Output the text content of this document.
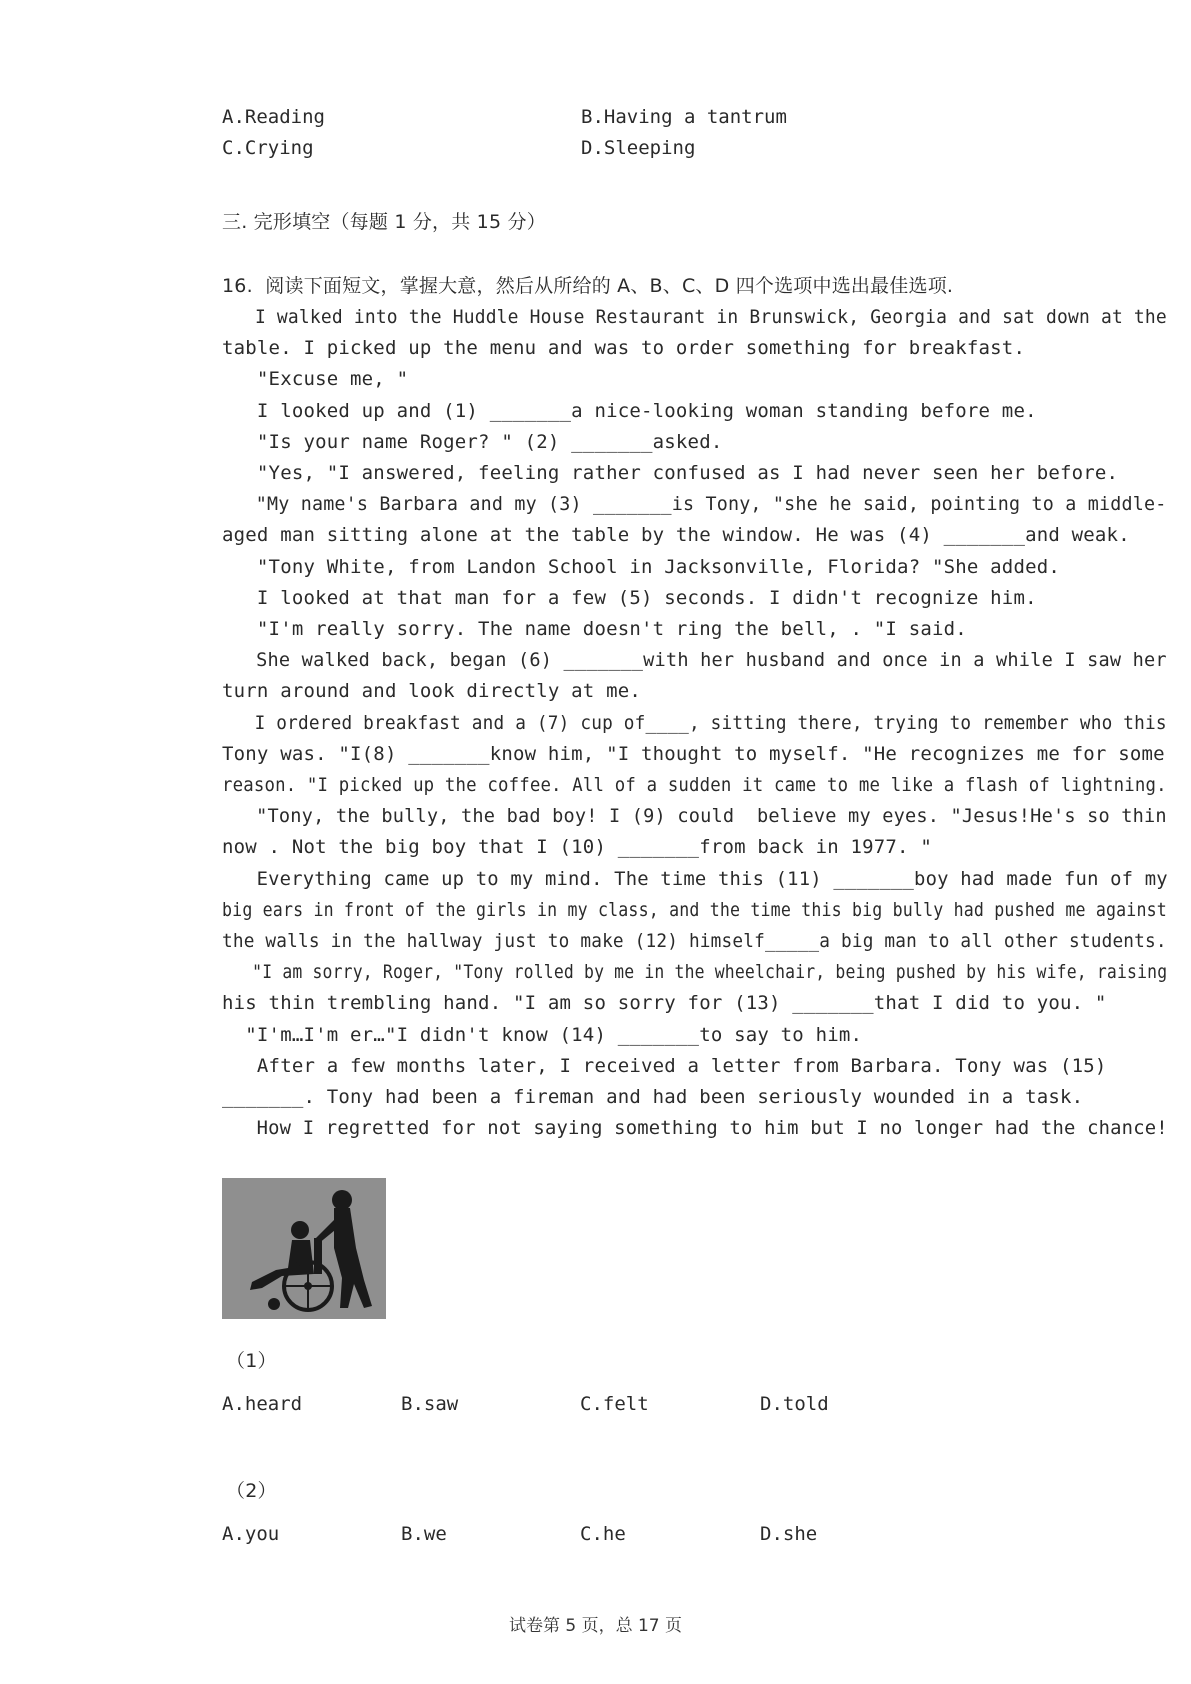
A.Reading	B.Having a tantrum
C.Crying	D.Sleeping
三. 完形填空（每题 1 分，共 15 分）
16.  阅读下面短文，掌握大意，然后从所给的 A、B、C、D 四个选项中选出最佳选项.
I walked into the Huddle House Restaurant in Brunswick, Georgia and sat down at the
table. I picked up the menu and was to order something for breakfast.
"Excuse me, "
I looked up and (1) _______a nice-looking woman standing before me.
"Is your name Roger? " (2) _______asked.
"Yes, "I answered, feeling rather confused as I had never seen her before.
"My name's Barbara and my (3) _______is Tony, "she he said, pointing to a middle-
aged man sitting alone at the table by the window. He was (4) _______and weak.
"Tony White, from Landon School in Jacksonville, Florida? "She added.
I looked at that man for a few (5) seconds. I didn't recognize him.
"I'm really sorry. The name doesn't ring the bell, . "I said.
She walked back, began (6) _______with her husband and once in a while I saw her
turn around and look directly at me.
I ordered breakfast and a (7) cup of____, sitting there, trying to remember who this
Tony was. "I(8) _______know him, "I thought to myself. "He recognizes me for some
reason. "I picked up the coffee. All of a sudden it came to me like a flash of lightning.
"Tony, the bully, the bad boy! I (9) could  believe my eyes. "Jesus!He's so thin
now . Not the big boy that I (10) _______from back in 1977. "
Everything came up to my mind. The time this (11) _______boy had made fun of my
big ears in front of the girls in my class, and the time this big bully had pushed me against
the walls in the hallway just to make (12) himself_____a big man to all other students.
"I am sorry, Roger, "Tony rolled by me in the wheelchair, being pushed by his wife, raising
his thin trembling hand. "I am so sorry for (13) _______that I did to you. "
"I'm…I'm er…"I didn't know (14) _______to say to him.
After a few months later, I received a letter from Barbara. Tony was (15)
_______. Tony had been a fireman and had been seriously wounded in a task.
How I regretted for not saying something to him but I no longer had the chance!
（1）
A.heard	B.saw	C.felt	D.told
（2）
A.you	B.we	C.he	D.she
试卷第 5 页，总 17 页
